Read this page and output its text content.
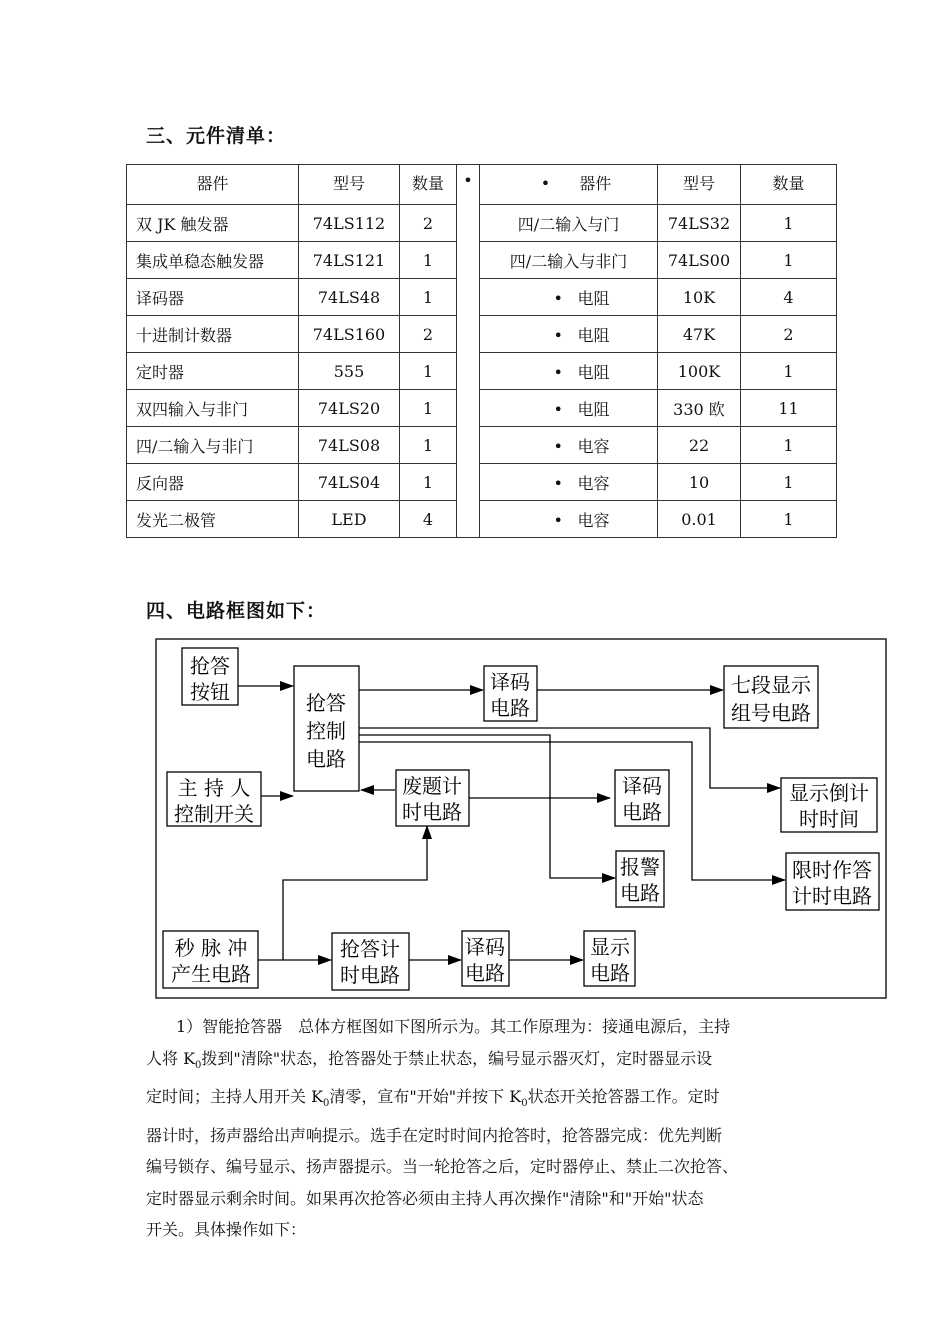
三、元件清单：
器件	型号	数量	•	• 器件	型号	数量
双 JK 触发器	74LS112	2		四/二输入与门	74LS32	1
集成单稳态触发器	74LS121	1		四/二输入与非门	74LS00	1
译码器	74LS48	1		• 电阻	10K	4
十进制计数器	74LS160	2		• 电阻	47K	2
定时器	555	1		• 电阻	100K	1
双四输入与非门	74LS20	1		• 电阻	330 欧	11
四/二输入与非门	74LS08	1		• 电容	22	1
反向器	74LS04	1		• 电容	10	1
发光二极管	LED	4		• 电容	0.01	1
四、电路框图如下：
抢答
按钮	抢答
控制
电路
主 持 人
控制开关
秒 脉 冲
产生电路
译码
电路
七段显示
组号电路
废题计
时电路
译码
电路
显示倒计
时时间
报警
电路
限时作答
计时电路
抢答计
时电路
译码
电路
显示
电路

1）智能抢答器　总体方框图如下图所示为。其工作原理为：接通电源后，主持

人将 $K_0$拨到"清除"状态，抢答器处于禁止状态，编号显示器灭灯，定时器显示设

定时间；主持人用开关 $K_0$清零，宣布"开始"并按下 $K_0$状态开关抢答器工作。定时

器计时，扬声器给出声响提示。选手在定时时间内抢答时，抢答器完成：优先判断

编号锁存、编号显示、扬声器提示。当一轮抢答之后，定时器停止、禁止二次抢答、

定时器显示剩余时间。如果再次抢答必须由主持人再次操作"清除"和"开始"状态

开关。具体操作如下：
